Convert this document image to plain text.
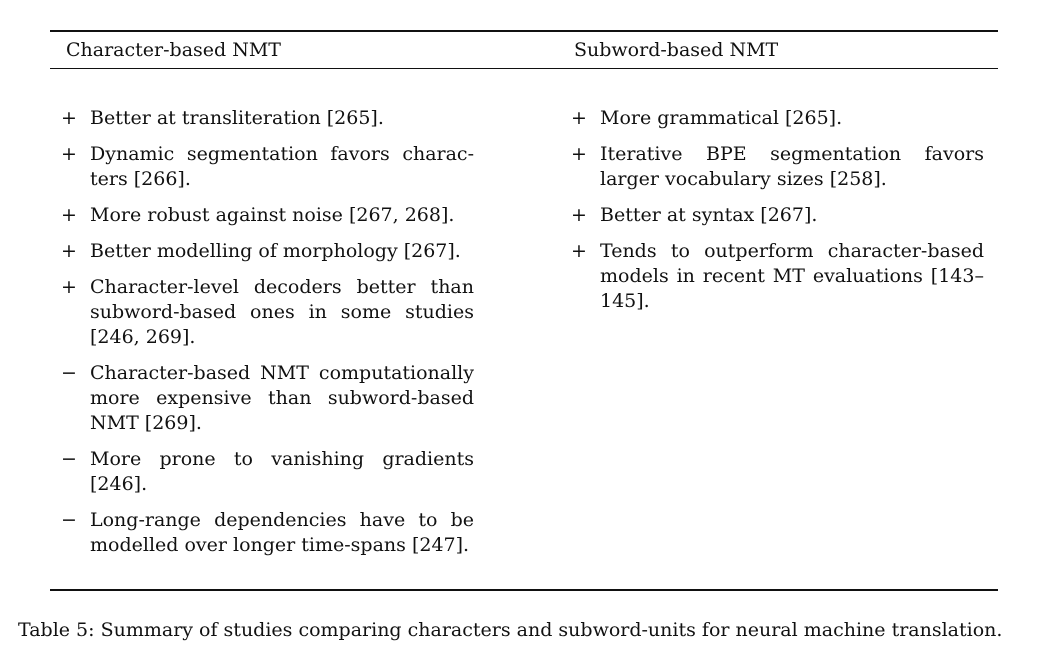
Character-based NMT	Subword-based NMT
+ Better at transliteration [265].
+ Dynamic segmentation favors characters [266].
+ More robust against noise [267, 268].
+ Better modelling of morphology [267].
+ Character-level decoders better than subword-based ones in some studies [246, 269].
− Character-based NMT computationally more expensive than subword-based NMT [269].
− More prone to vanishing gradients [246].
− Long-range dependencies have to be modelled over longer time-spans [247].
+ More grammatical [265].
+ Iterative BPE segmentation favors larger vocabulary sizes [258].
+ Better at syntax [267].
+ Tends to outperform character-based models in recent MT evaluations [143–145].
Table 5: Summary of studies comparing characters and subword-units for neural machine translation.
